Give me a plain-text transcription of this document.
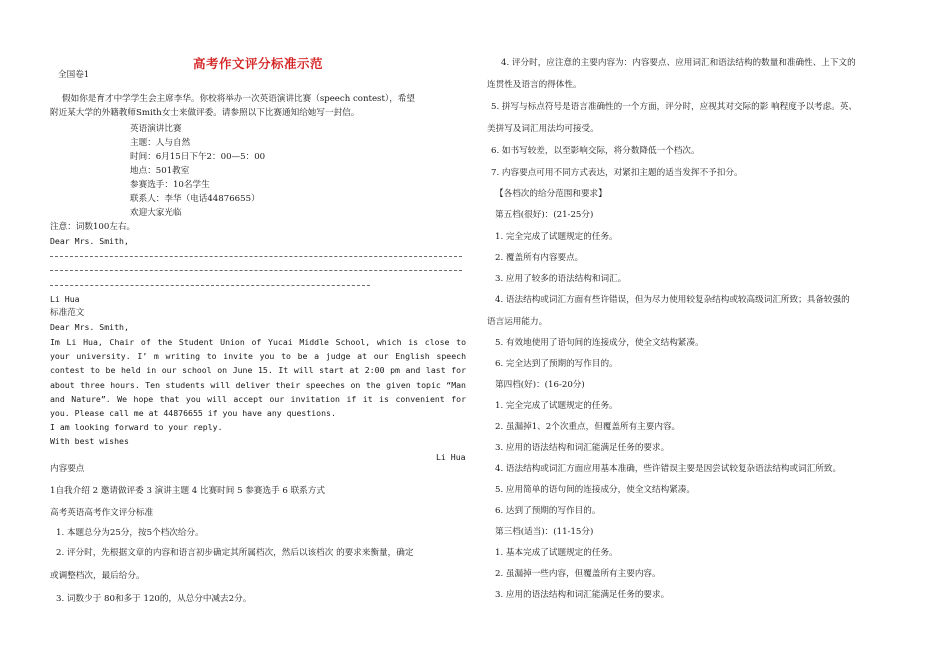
高考作文评分标准示范
全国卷1
假如你是育才中学学生会主席李华。你校将举办一次英语演讲比赛（speech contest），希望
附近某大学的外籍教师Smith女士来做评委。请参照以下比赛通知给她写一封信。
英语演讲比赛
主题：人与自然
时间：6月15日下午2：00—5：00
地点：501教室
参赛选手：10名学生
联系人：李华（电话44876655）
欢迎大家光临
注意：词数100左右。
Dear Mrs. Smith,
Li Hua
标准范文
Dear Mrs. Smith,
Im Li Hua, Chair of the Student Union of Yucai Middle School, which is close to
your university. I’ m writing to invite you to be a judge at our English speech
contest to be held in our school on June 15. It will start at 2:00 pm and last for
about three hours. Ten students will deliver their speeches on the given topic “Man
and Nature”. We hope that you will accept our invitation if it is convenient for
you. Please call me at 44876655 if you have any questions.
I am looking forward to your reply.
With best wishes
Li Hua
内容要点
1自我介绍 2 邀请做评委 3 演讲主题 4 比赛时间 5 参赛选手 6 联系方式
高考英语高考作文评分标准
1. 本题总分为25分，按5个档次给分。
2. 评分时，先根据文章的内容和语言初步确定其所属档次，然后以该档次 的要求来衡量，确定
或调整档次，最后给分。
3. 词数少于 80和多于 120的，从总分中减去2分。
4. 评分时，应注意的主要内容为：内容要点、应用词汇和语法结构的数量和准确性、上下文的
连贯性及语言的得体性。
5. 拼写与标点符号是语言准确性的一个方面，评分时，应视其对交际的影 响程度予以考虑。英、
美拼写及词汇用法均可接受。
6. 如书写较差，以至影响交际，将分数降低一个档次。
7. 内容要点可用不同方式表达，对紧扣主题的适当发挥不予扣分。
【各档次的给分范围和要求】
第五档(很好)：(21-25分)
1. 完全完成了试题规定的任务。
2. 覆盖所有内容要点。
3. 应用了较多的语法结构和词汇。
4. 语法结构或词汇方面有些许错误，但为尽力使用较复杂结构或较高级词汇所致；具备较强的
语言运用能力。
5. 有效地使用了语句间的连接成分，使全文结构紧凑。
6. 完全达到了预期的写作目的。
第四档(好)：(16-20分)
1. 完全完成了试题规定的任务。
2. 虽漏掉1、2个次重点，但覆盖所有主要内容。
3. 应用的语法结构和词汇能满足任务的要求。
4. 语法结构或词汇方面应用基本准确，些许错误主要是因尝试较复杂语法结构或词汇所致。
5. 应用简单的语句间的连接成分，使全文结构紧凑。
6. 达到了预期的写作目的。
第三档(适当)：(11-15分)
1. 基本完成了试题规定的任务。
2. 虽漏掉一些内容，但覆盖所有主要内容。
3. 应用的语法结构和词汇能满足任务的要求。
